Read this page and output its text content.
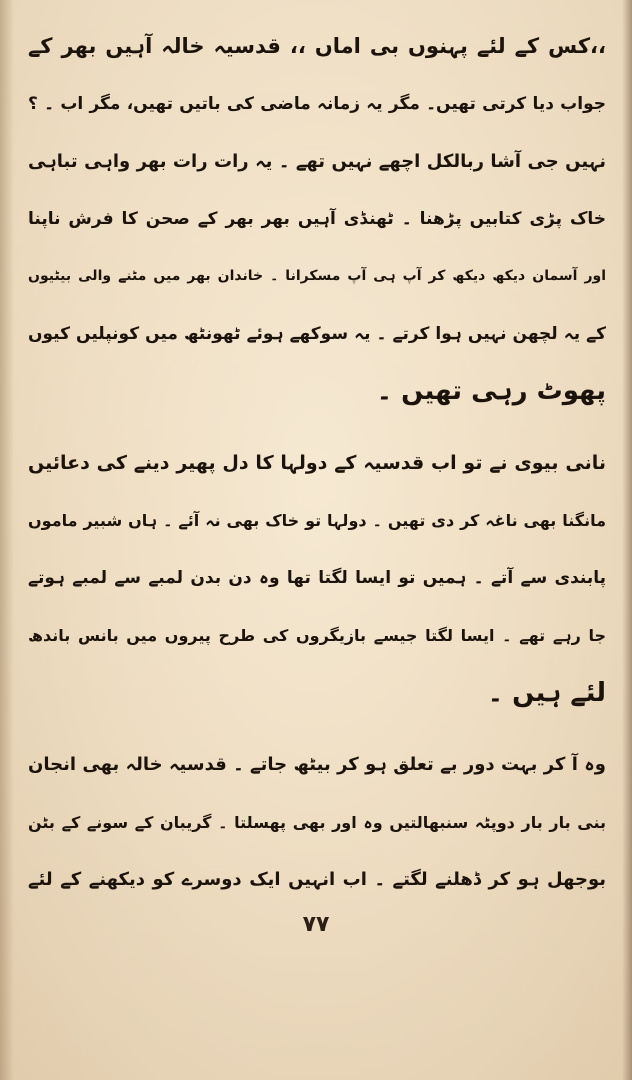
،،کس کے لئے پہنوں بی اماں ،، قدسیہ خالہ آہیں بھر کے
جواب دیا کرتی تھیں۔ مگر یہ زمانہ ماضی کی باتیں تھیں، مگر اب ۔ ؟
نہیں جی آشا ربالکل اچھے نہیں تھے ۔ یہ رات رات بھر واہی تباہی
خاک پڑی کتابیں پڑھنا ۔ ٹھنڈی آہیں بھر بھر کے صحن کا فرش ناپنا
اور آسمان دیکھ دیکھ کر آپ ہی آپ مسکرانا ۔ خاندان بھر میں مٹنے والی بیٹیوں
کے یہ لچھن نہیں ہوا کرتے ۔ یہ سوکھے ہوئے ٹھونٹھ میں کونپلیں کیوں
پھوٹ رہی تھیں ۔
نانی بیوی نے تو اب قدسیہ کے دولہا کا دل پھیر دینے کی دعائیں
مانگنا بھی ناغہ کر دی تھیں ۔ دولہا تو خاک بھی نہ آئے ۔ ہاں شبیر ماموں
پابندی سے آتے ۔ ہمیں تو ایسا لگتا تھا وہ دن بدن لمبے سے لمبے ہوتے
جا رہے تھے ۔ ایسا لگتا جیسے بازیگروں کی طرح پیروں میں بانس باندھ
لئے ہیں ۔
وہ آ کر بہت دور بے تعلق ہو کر بیٹھ جاتے ۔ قدسیہ خالہ بھی انجان
بنی بار بار دوپٹہ سنبھالتیں وہ اور بھی پھسلتا ۔ گریبان کے سونے کے بٹن
بوجھل ہو کر ڈھلنے لگتے ۔ اب انہیں ایک دوسرے کو دیکھنے کے لئے
۷۷
